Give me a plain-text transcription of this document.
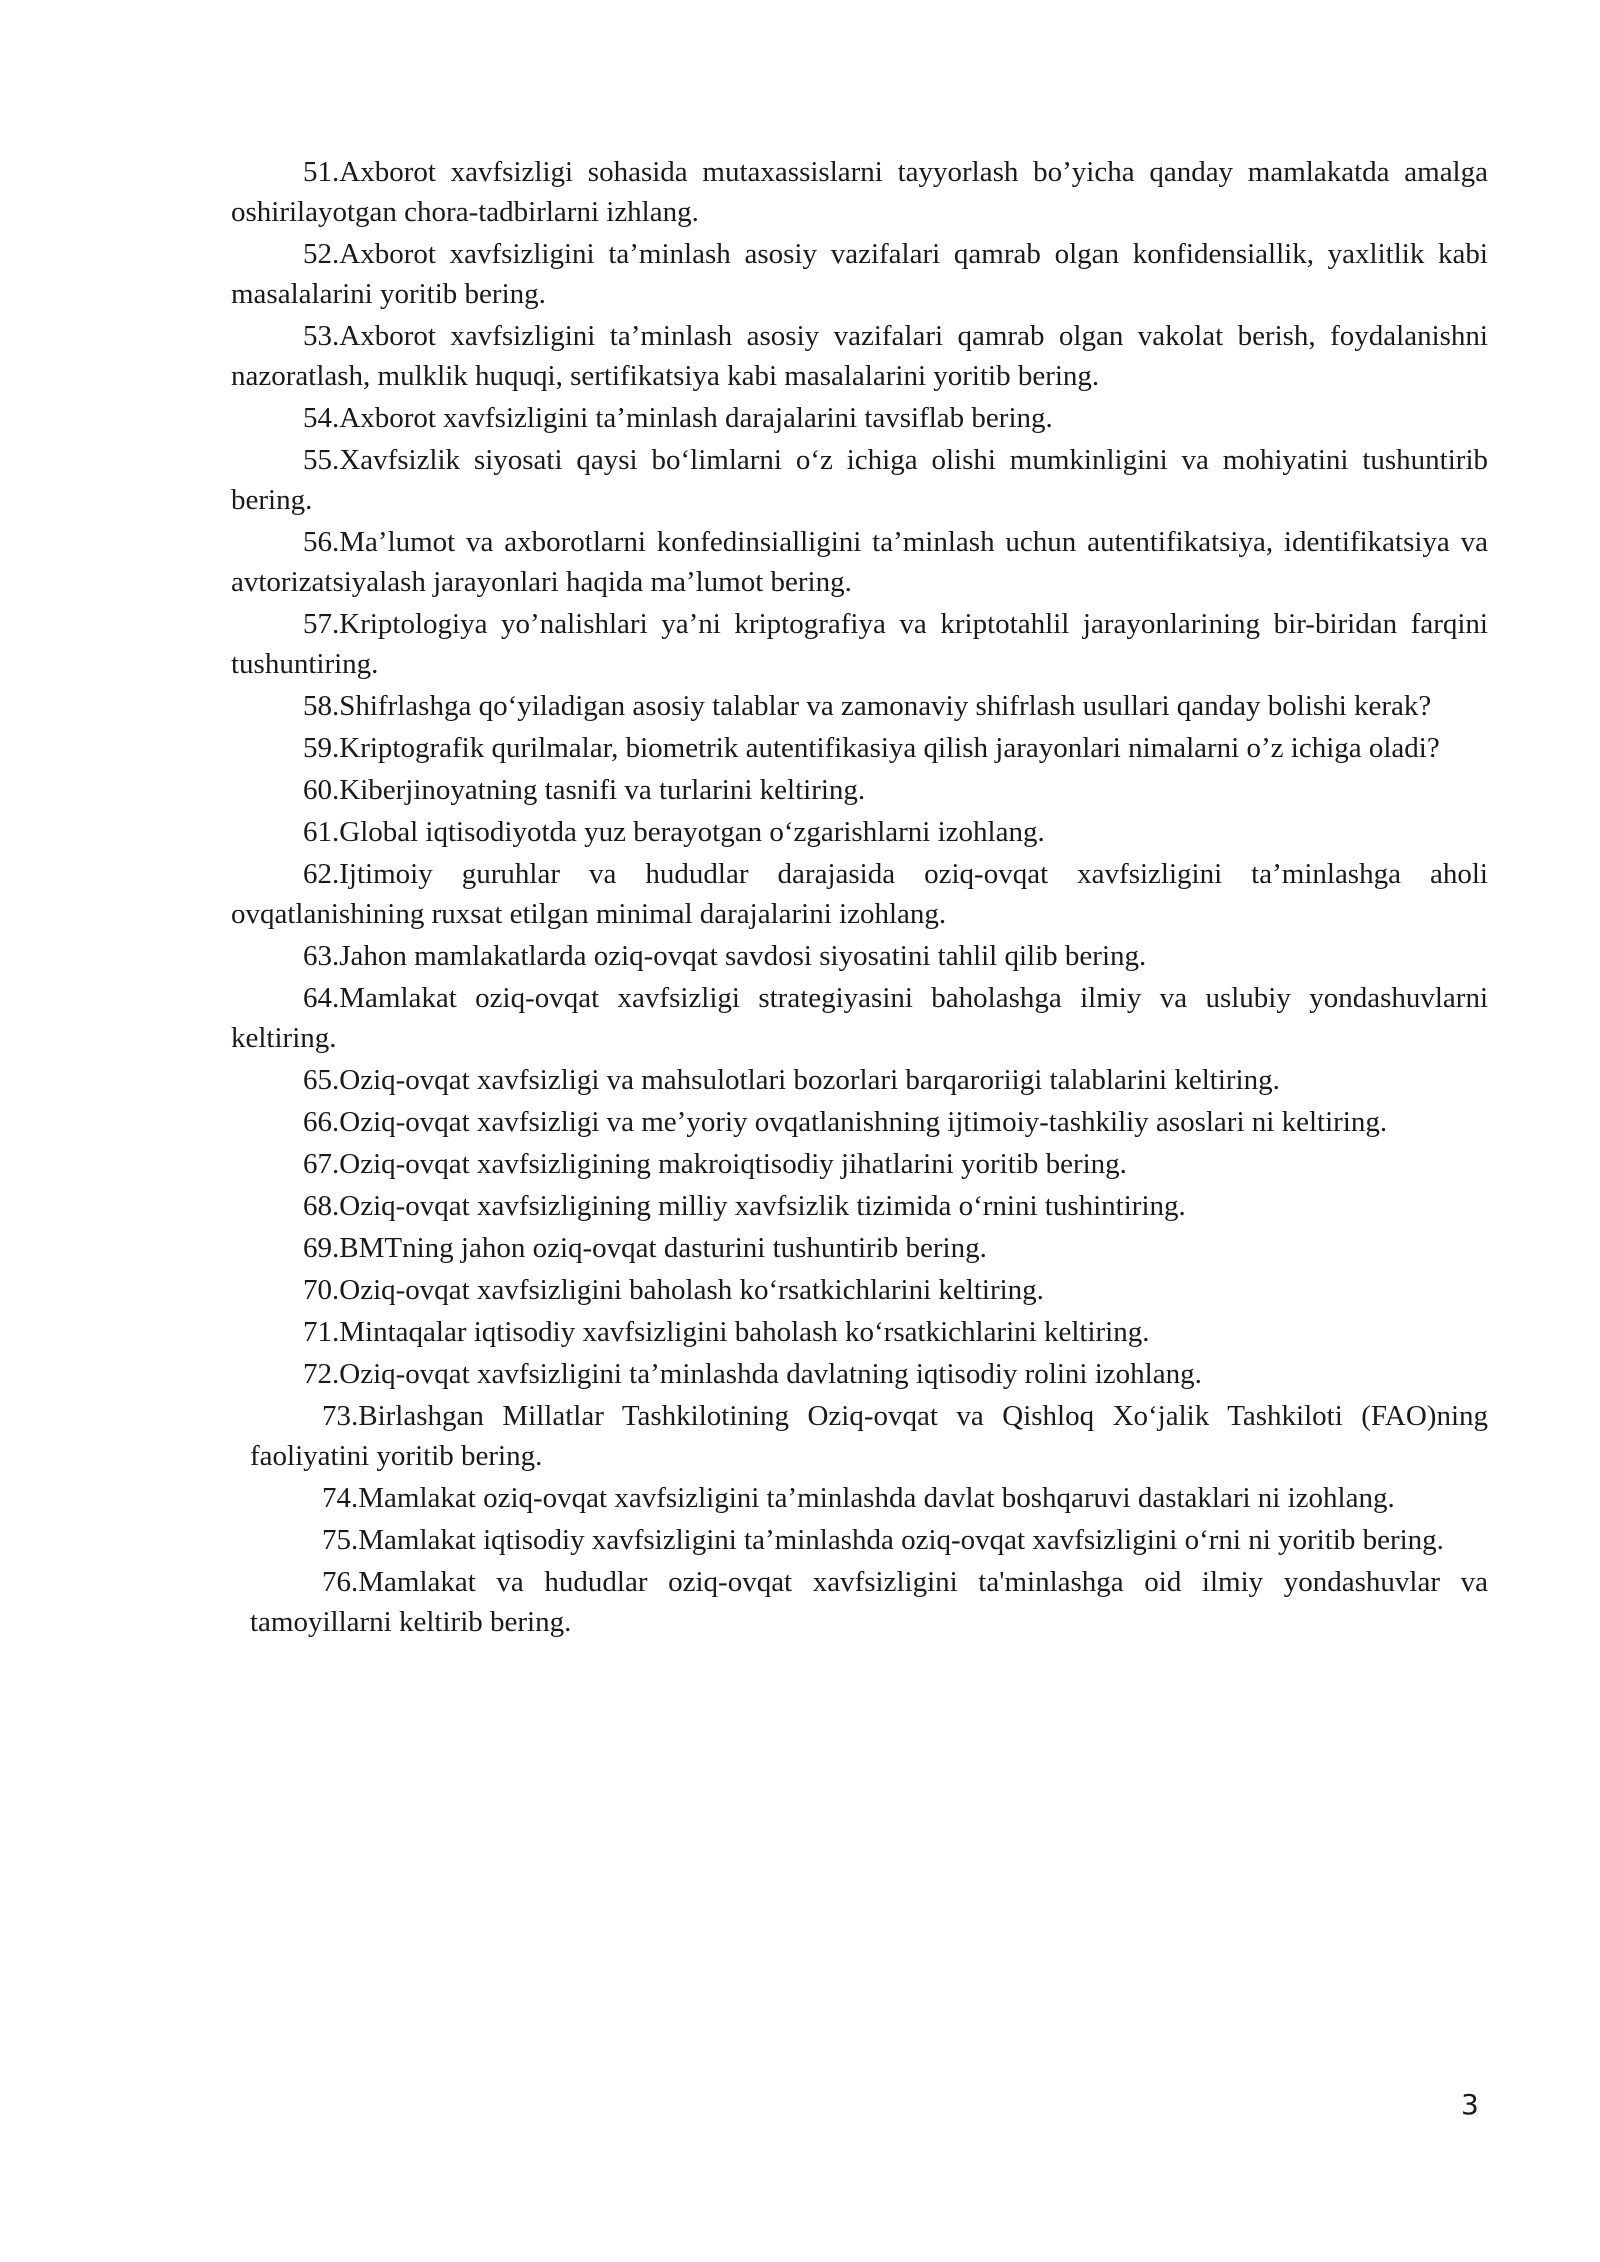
51.Axborot xavfsizligi sohasida mutaxassislarni tayyorlash bo’yicha qanday mamlakatda amalga oshirilayotgan chora-tadbirlarni izhlang.
52.Axborot xavfsizligini ta’minlash asosiy vazifalari qamrab olgan konfidensiallik, yaxlitlik kabi masalalarini yoritib bering.
53.Axborot xavfsizligini ta’minlash asosiy vazifalari qamrab olgan vakolat berish, foydalanishni nazoratlash, mulklik huquqi, sertifikatsiya kabi masalalarini yoritib bering.
54.Axborot xavfsizligini ta’minlash darajalarini tavsiflab bering.
55.Xavfsizlik siyosati qaysi bo‘limlarni o‘z ichiga olishi mumkinligini va mohiyatini tushuntirib bering.
56.Ma’lumot va axborotlarni konfedinsialligini ta’minlash uchun autentifikatsiya, identifikatsiya va avtorizatsiyalash jarayonlari haqida ma’lumot bering.
57.Kriptologiya yo’nalishlari ya’ni kriptografiya va kriptotahlil jarayonlarining bir-biridan farqini tushuntiring.
58.Shifrlashga qo‘yiladigan asosiy talablar va zamonaviy shifrlash usullari qanday bolishi kerak?
59.Kriptografik qurilmalar, biometrik autentifikasiya qilish jarayonlari nimalarni o’z ichiga oladi?
60.Kiberjinoyatning tasnifi va turlarini keltiring.
61.Global iqtisodiyotda yuz berayotgan o‘zgarishlarni izohlang.
62.Ijtimoiy guruhlar va hududlar darajasida oziq-ovqat xavfsizligini ta’minlashga aholi ovqatlanishining ruxsat etilgan minimal darajalarini izohlang.
63.Jahon mamlakatlarda oziq-ovqat savdosi siyosatini tahlil qilib bering.
64.Mamlakat oziq-ovqat xavfsizligi strategiyasini baholashga ilmiy va uslubiy yondashuvlarni keltiring.
65.Oziq-ovqat xavfsizligi va mahsulotlari bozorlari barqaroriigi talablarini keltiring.
66.Oziq-ovqat xavfsizligi va me’yoriy ovqatlanishning ijtimoiy-tashkiliy asoslari ni keltiring.
67.Oziq-ovqat xavfsizligining makroiqtisodiy jihatlarini yoritib bering.
68.Oziq-ovqat xavfsizligining milliy xavfsizlik tizimida o‘rnini tushintiring.
69.BMTning jahon oziq-ovqat dasturini tushuntirib bering.
70.Oziq-ovqat xavfsizligini baholash ko‘rsatkichlarini keltiring.
71.Mintaqalar iqtisodiy xavfsizligini baholash ko‘rsatkichlarini keltiring.
72.Oziq-ovqat xavfsizligini ta’minlashda davlatning iqtisodiy rolini izohlang.
73.Birlashgan Millatlar Tashkilotining Oziq-ovqat va Qishloq Xo‘jalik Tashkiloti (FAO)ning faoliyatini yoritib bering.
74.Mamlakat oziq-ovqat xavfsizligini ta’minlashda davlat boshqaruvi dastaklari ni izohlang.
75.Mamlakat iqtisodiy xavfsizligini ta’minlashda oziq-ovqat xavfsizligini o‘rni ni yoritib bering.
76.Mamlakat va hududlar oziq-ovqat xavfsizligini ta'minlashga oid ilmiy yondashuvlar va tamoyillarni keltirib bering.
3
